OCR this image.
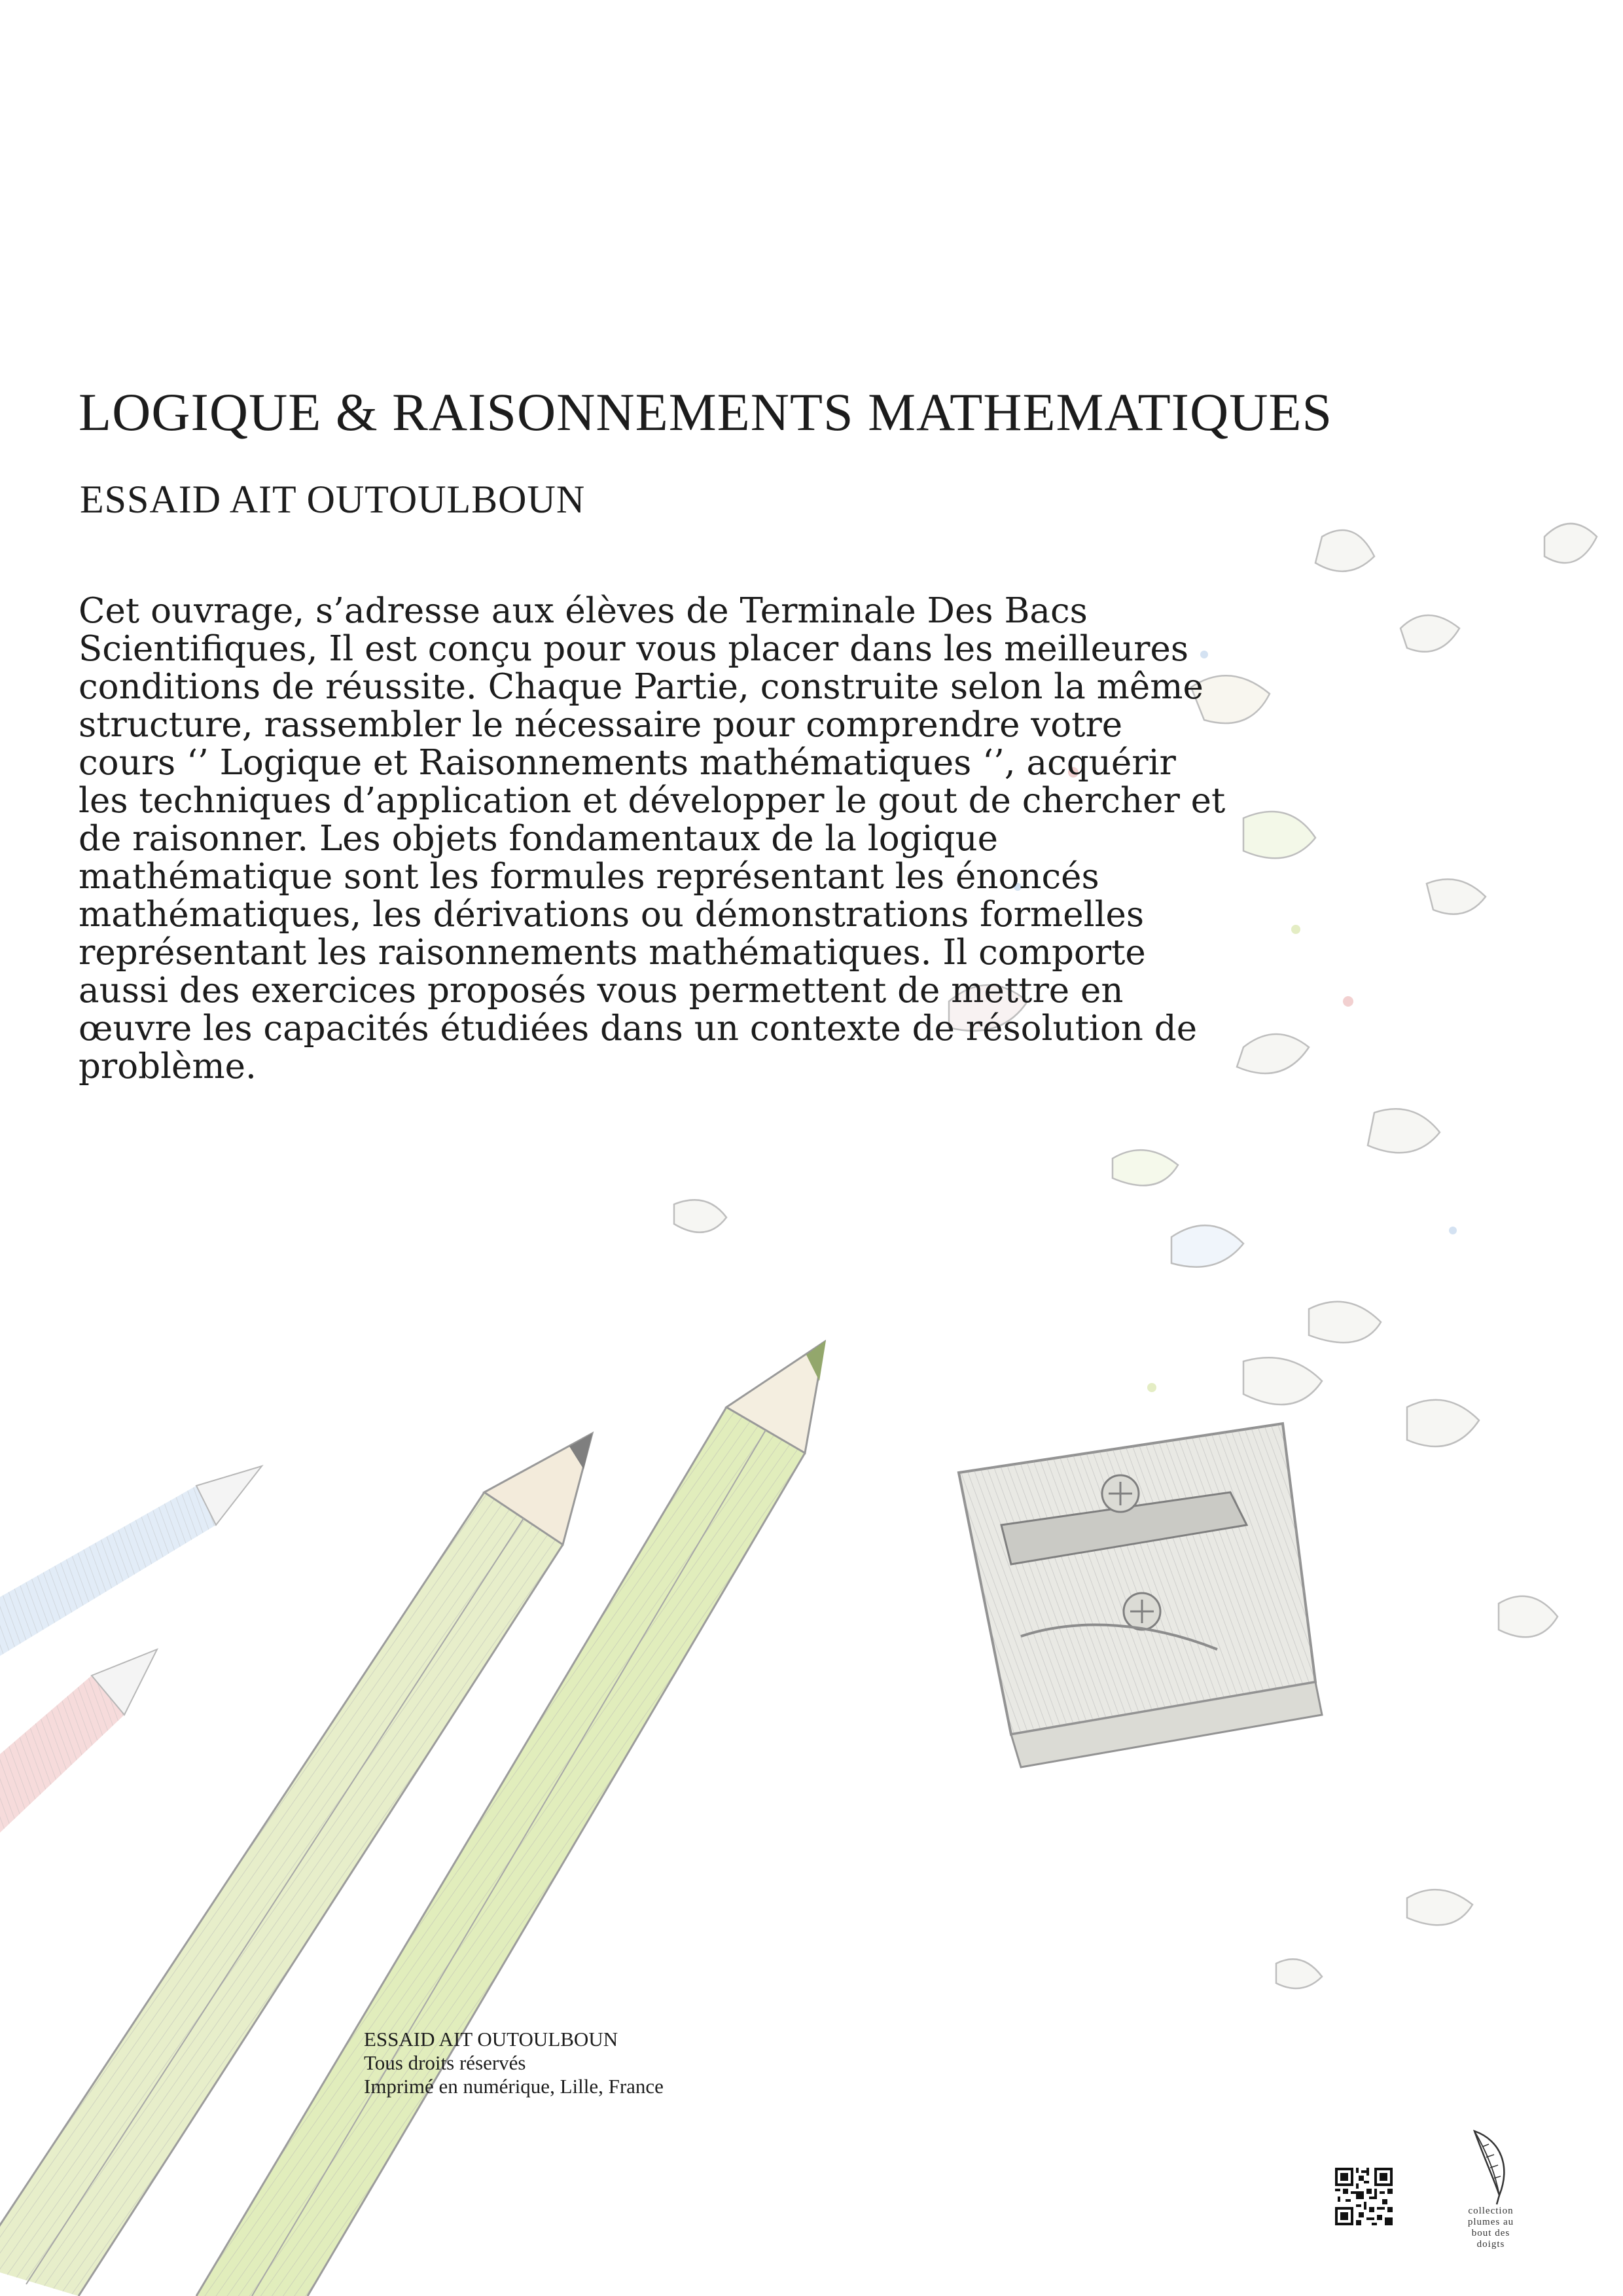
LOGIQUE & RAISONNEMENTS MATHEMATIQUES
ESSAID AIT OUTOULBOUN

Cet ouvrage, s’adresse aux élèves de Terminale Des Bacs Scientifiques, Il est conçu pour vous placer dans les meilleures conditions de réussite. Chaque Partie, construite selon la même structure, rassembler le nécessaire pour comprendre votre cours ‘’ Logique et Raisonnements mathématiques ‘’, acquérir les techniques d’application et développer le gout de chercher et de raisonner. Les objets fondamentaux de la logique mathématique sont les formules représentant les énoncés mathématiques, les dérivations ou démonstrations formelles représentant les raisonnements mathématiques. Il comporte aussi des exercices proposés vous permettent de mettre en œuvre les capacités étudiées dans un contexte de résolution de problème.

ESSAID AIT OUTOULBOUN
Tous droits réservés
Imprimé en numérique, Lille, France
collection
plumes au
bout des
doigts
